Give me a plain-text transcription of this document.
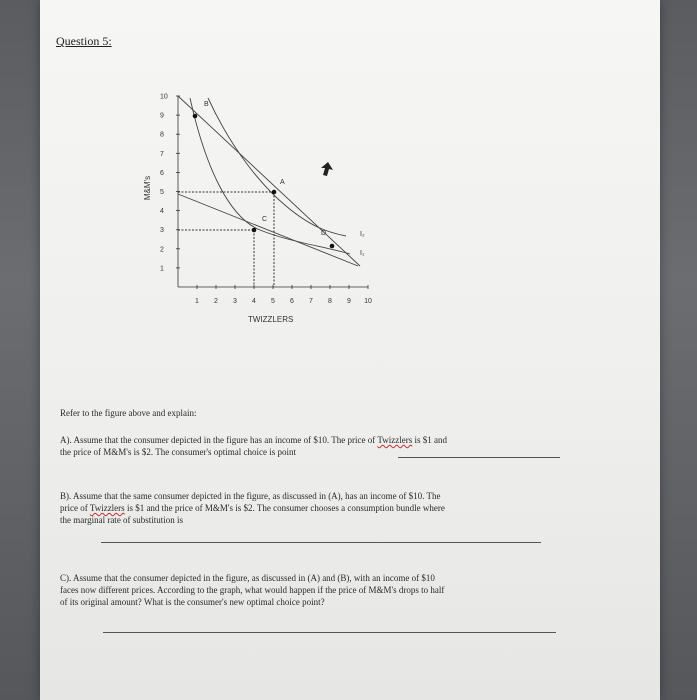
Question 5:
1
2
3
4
5
6
7
8
9
10
1 2 3 4 5 6 7 8 9 10
B
A
C
D	I₂
I₁
TWIZZLERS
M&M's
Refer to the figure above and explain:
A). Assume that the consumer depicted in the figure has an income of $10. The price of Twizzlers is $1 and
the price of M&M's is $2. The consumer's optimal choice is point
B). Assume that the same consumer depicted in the figure, as discussed in (A), has an income of $10. The
price of Twizzlers is $1 and the price of M&M's is $2. The consumer chooses a consumption bundle where
the marginal rate of substitution is
C). Assume that the consumer depicted in the figure, as discussed in (A) and (B), with an income of $10
faces now different prices. According to the graph, what would happen if the price of M&M's drops to half
of its original amount? What is the consumer's new optimal choice point?
